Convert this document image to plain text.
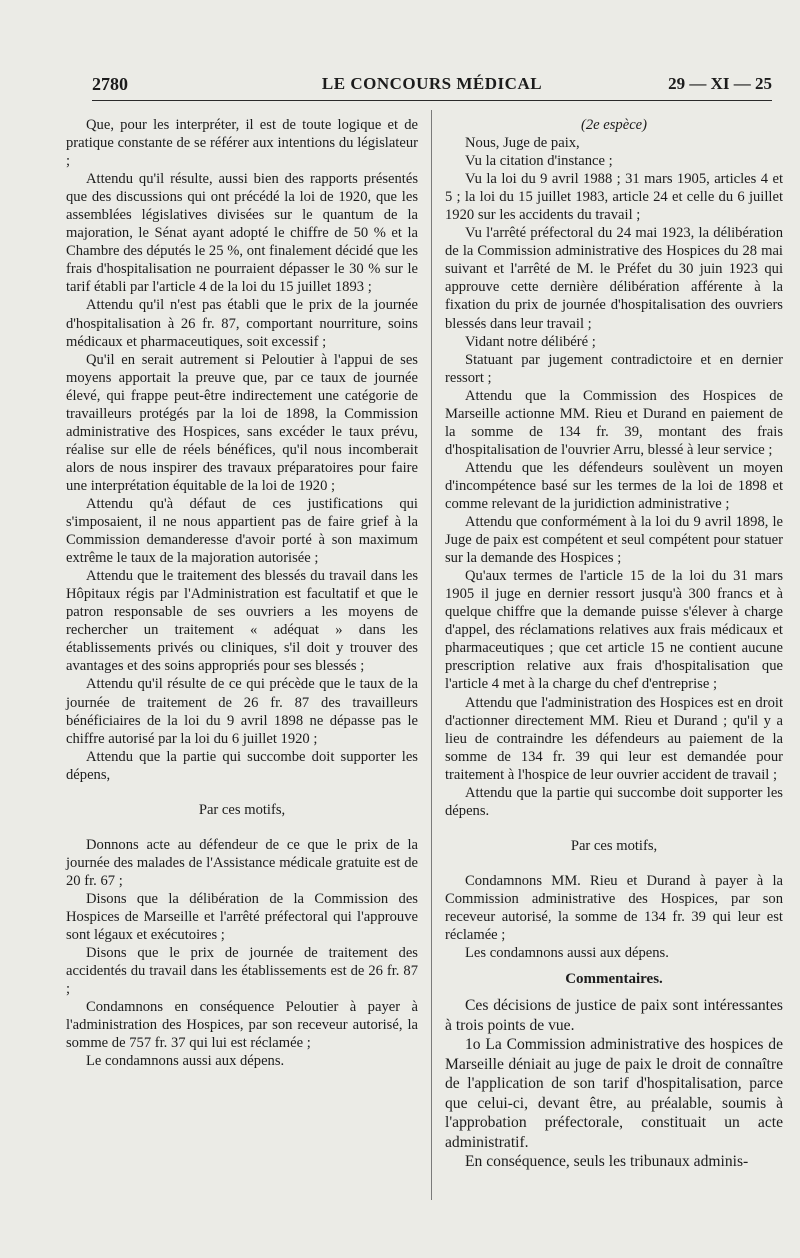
2780	LE CONCOURS MÉDICAL	29 — XI — 25

Que, pour les interpréter, il est de toute logique et de pratique constante de se référer aux intentions du législateur ;

Attendu qu'il résulte, aussi bien des rapports présentés que des discussions qui ont précédé la loi de 1920, que les assemblées législatives divisées sur le quantum de la majoration, le Sénat ayant adopté le chiffre de 50 % et la Chambre des députés le 25 %, ont finalement décidé que les frais d'hospitalisation ne pourraient dépasser le 30 % sur le tarif établi par l'article 4 de la loi du 15 juillet 1893 ;

Attendu qu'il n'est pas établi que le prix de la journée d'hospitalisation à 26 fr. 87, comportant nourriture, soins médicaux et pharmaceutiques, soit excessif ;

Qu'il en serait autrement si Peloutier à l'appui de ses moyens apportait la preuve que, par ce taux de journée élevé, qui frappe peut-être indirectement une catégorie de travailleurs protégés par la loi de 1898, la Commission administrative des Hospices, sans excéder le taux prévu, réalise sur elle de réels bénéfices, qu'il nous incomberait alors de nous inspirer des travaux préparatoires pour faire une interprétation équitable de la loi de 1920 ;

Attendu qu'à défaut de ces justifications qui s'imposaient, il ne nous appartient pas de faire grief à la Commission demanderesse d'avoir porté à son maximum extrême le taux de la majoration autorisée ;

Attendu que le traitement des blessés du travail dans les Hôpitaux régis par l'Administration est facultatif et que le patron responsable de ses ouvriers a les moyens de rechercher un traitement « adéquat » dans les établissements privés ou cliniques, s'il doit y trouver des avantages et des soins appropriés pour ses blessés ;

Attendu qu'il résulte de ce qui précède que le taux de la journée de traitement de 26 fr. 87 des travailleurs bénéficiaires de la loi du 9 avril 1898 ne dépasse pas le chiffre autorisé par la loi du 6 juillet 1920 ;

Attendu que la partie qui succombe doit supporter les dépens,

Par ces motifs,

Donnons acte au défendeur de ce que le prix de la journée des malades de l'Assistance médicale gratuite est de 20 fr. 67 ;

Disons que la délibération de la Commission des Hospices de Marseille et l'arrêté préfectoral qui l'approuve sont légaux et exécutoires ;

Disons que le prix de journée de traitement des accidentés du travail dans les établissements est de 26 fr. 87 ;

Condamnons en conséquence Peloutier à payer à l'administration des Hospices, par son receveur autorisé, la somme de 757 fr. 37 qui lui est réclamée ;

Le condamnons aussi aux dépens.

(2e espèce)

Nous, Juge de paix,

Vu la citation d'instance ;

Vu la loi du 9 avril 1988 ; 31 mars 1905, articles 4 et 5 ; la loi du 15 juillet 1983, article 24 et celle du 6 juillet 1920 sur les accidents du travail ;

Vu l'arrêté préfectoral du 24 mai 1923, la délibération de la Commission administrative des Hospices du 28 mai suivant et l'arrêté de M. le Préfet du 30 juin 1923 qui approuve cette dernière délibération afférente à la fixation du prix de journée d'hospitalisation des ouvriers blessés dans leur travail ;

Vidant notre délibéré ;

Statuant par jugement contradictoire et en dernier ressort ;

Attendu que la Commission des Hospices de Marseille actionne MM. Rieu et Durand en paiement de la somme de 134 fr. 39, montant des frais d'hospitalisation de l'ouvrier Arru, blessé à leur service ;

Attendu que les défendeurs soulèvent un moyen d'incompétence basé sur les termes de la loi de 1898 et comme relevant de la juridiction administrative ;

Attendu que conformément à la loi du 9 avril 1898, le Juge de paix est compétent et seul compétent pour statuer sur la demande des Hospices ;

Qu'aux termes de l'article 15 de la loi du 31 mars 1905 il juge en dernier ressort jusqu'à 300 francs et à quelque chiffre que la demande puisse s'élever à charge d'appel, des réclamations relatives aux frais médicaux et pharmaceutiques ; que cet article 15 ne contient aucune prescription relative aux frais d'hospitalisation que l'article 4 met à la charge du chef d'entreprise ;

Attendu que l'administration des Hospices est en droit d'actionner directement MM. Rieu et Durand ; qu'il y a lieu de contraindre les défendeurs au paiement de la somme de 134 fr. 39 qui leur est demandée pour traitement à l'hospice de leur ouvrier accident de travail ;

Attendu que la partie qui succombe doit supporter les dépens.

Par ces motifs,

Condamnons MM. Rieu et Durand à payer à la Commission administrative des Hospices, par son receveur autorisé, la somme de 134 fr. 39 qui leur est réclamée ;

Les condamnons aussi aux dépens.

Commentaires.

Ces décisions de justice de paix sont intéressantes à trois points de vue.

1o La Commission administrative des hospices de Marseille déniait au juge de paix le droit de connaître de l'application de son tarif d'hospitalisation, parce que celui-ci, devant être, au préalable, soumis à l'approbation préfectorale, constituait un acte administratif.

En conséquence, seuls les tribunaux adminis-
